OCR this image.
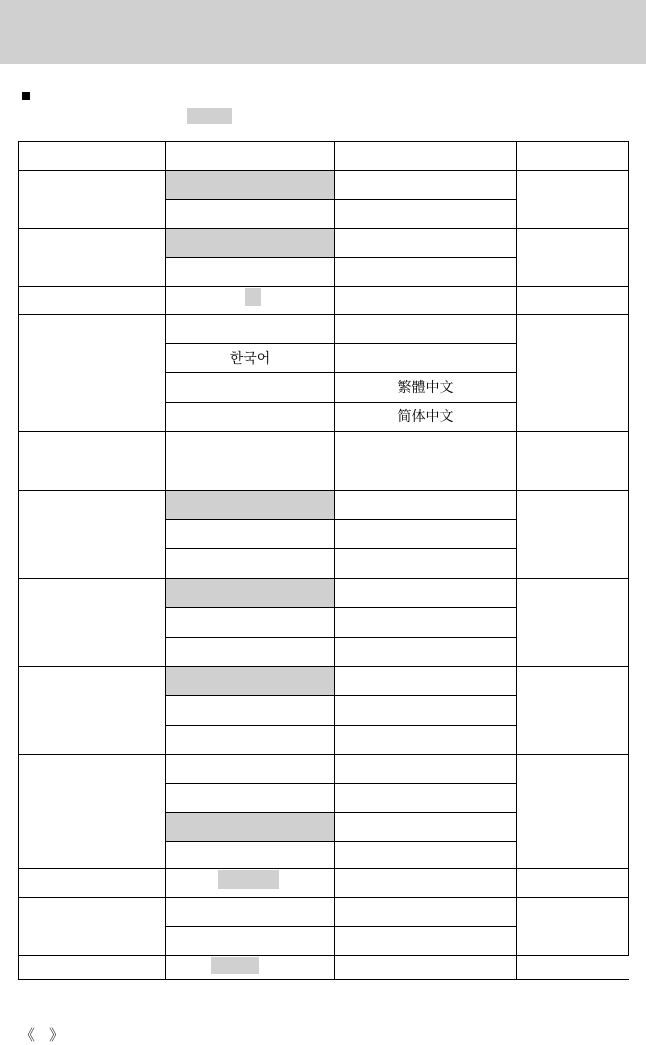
한국어
繁體中文
简体中文
《 》
